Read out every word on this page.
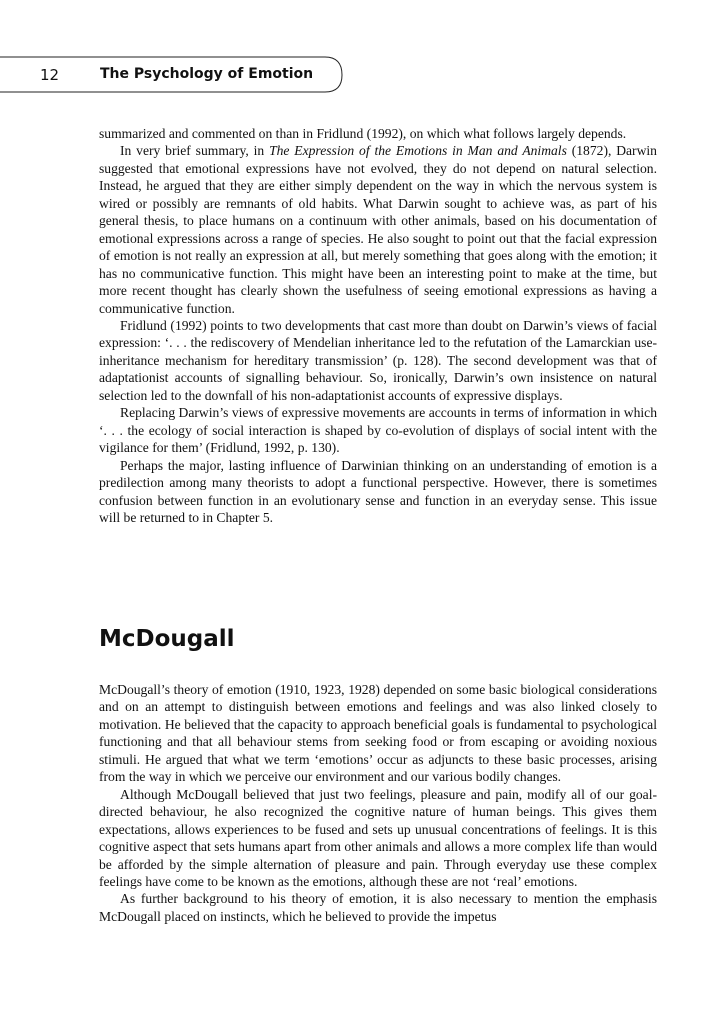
12	The Psychology of Emotion

summarized and commented on than in Fridlund (1992), on which what follows largely depends.

In very brief summary, in The Expression of the Emotions in Man and Animals (1872), Darwin suggested that emotional expressions have not evolved, they do not depend on natural selection. Instead, he argued that they are either simply dependent on the way in which the nervous system is wired or possibly are remnants of old habits. What Darwin sought to achieve was, as part of his general thesis, to place humans on a continuum with other animals, based on his documentation of emotional expressions across a range of species. He also sought to point out that the facial expression of emotion is not really an expression at all, but merely something that goes along with the emotion; it has no communicative function. This might have been an interesting point to make at the time, but more recent thought has clearly shown the usefulness of seeing emotional expressions as having a communicative function.

Fridlund (1992) points to two developments that cast more than doubt on Darwin’s views of facial expression: ‘. . . the rediscovery of Mendelian inheritance led to the refutation of the Lamarckian use-inheritance mechanism for hereditary transmission’ (p. 128). The second development was that of adaptationist accounts of signalling behaviour. So, ironically, Darwin’s own insistence on natural selection led to the downfall of his non-adaptationist accounts of expressive displays.

Replacing Darwin’s views of expressive movements are accounts in terms of information in which ‘. . . the ecology of social interaction is shaped by co-evolution of displays of social intent with the vigilance for them’ (Fridlund, 1992, p. 130).

Perhaps the major, lasting influence of Darwinian thinking on an understanding of emotion is a predilection among many theorists to adopt a functional perspective. However, there is sometimes confusion between function in an evolutionary sense and function in an everyday sense. This issue will be returned to in Chapter 5.

McDougall

McDougall’s theory of emotion (1910, 1923, 1928) depended on some basic biological considerations and on an attempt to distinguish between emotions and feelings and was also linked closely to motivation. He believed that the capacity to approach beneficial goals is fundamental to psychological functioning and that all behaviour stems from seeking food or from escaping or avoiding noxious stimuli. He argued that what we term ‘emotions’ occur as adjuncts to these basic processes, arising from the way in which we perceive our environment and our various bodily changes.

Although McDougall believed that just two feelings, pleasure and pain, modify all of our goal-directed behaviour, he also recognized the cognitive nature of human beings. This gives them expectations, allows experiences to be fused and sets up unusual concentrations of feelings. It is this cognitive aspect that sets humans apart from other animals and allows a more complex life than would be afforded by the simple alternation of pleasure and pain. Through everyday use these complex feelings have come to be known as the emotions, although these are not ‘real’ emotions.

As further background to his theory of emotion, it is also necessary to mention the emphasis McDougall placed on instincts, which he believed to provide the impetus
